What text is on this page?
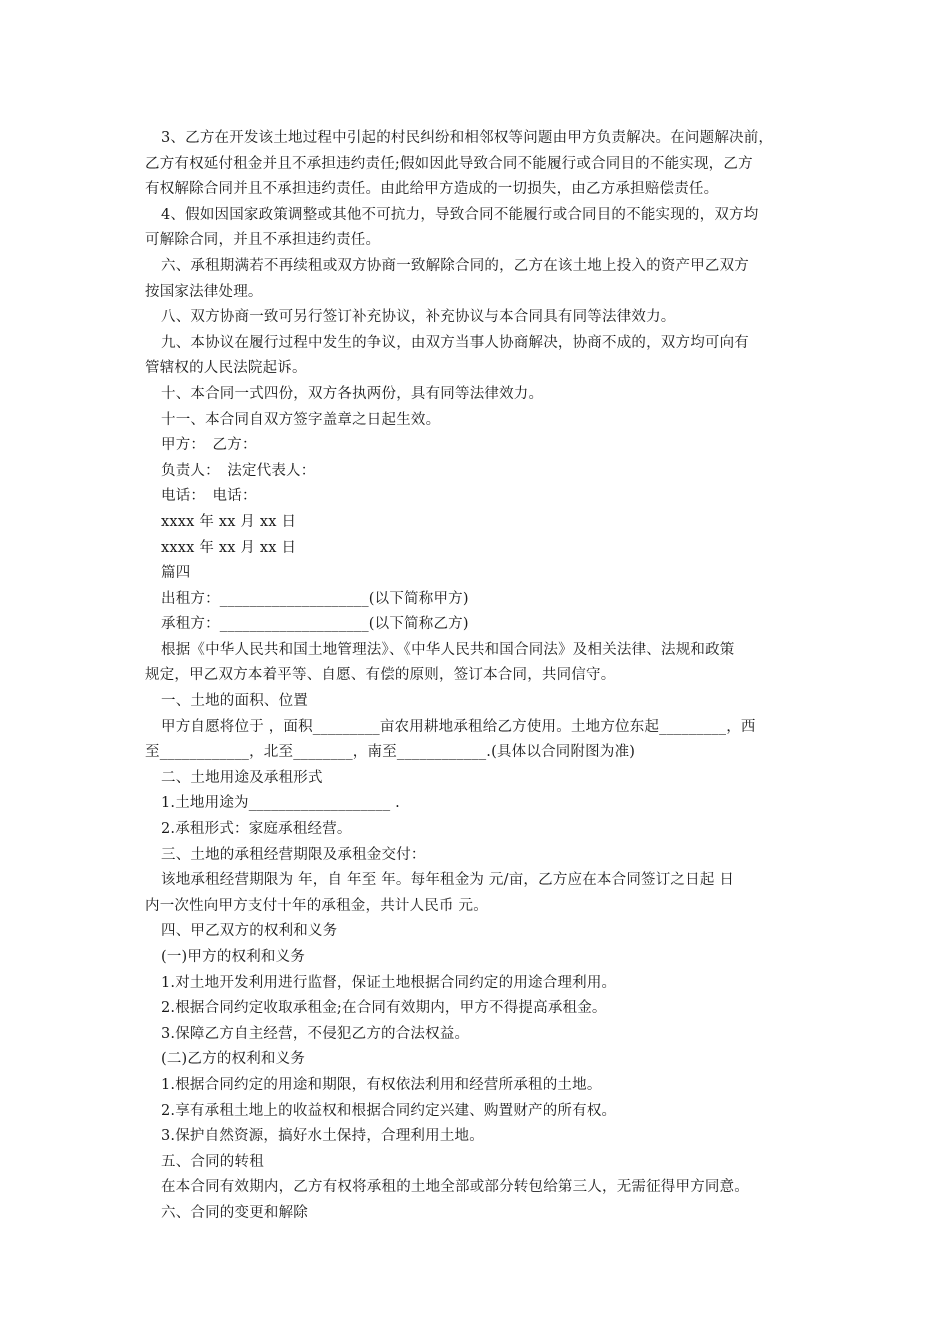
3、乙方在开发该土地过程中引起的村民纠纷和相邻权等问题由甲方负责解决。在问题解决前，
乙方有权延付租金并且不承担违约责任;假如因此导致合同不能履行或合同目的不能实现，乙方
有权解除合同并且不承担违约责任。由此给甲方造成的一切损失，由乙方承担赔偿责任。
4、假如因国家政策调整或其他不可抗力，导致合同不能履行或合同目的不能实现的，双方均
可解除合同，并且不承担违约责任。
六、承租期满若不再续租或双方协商一致解除合同的，乙方在该土地上投入的资产甲乙双方
按国家法律处理。
八、双方协商一致可另行签订补充协议，补充协议与本合同具有同等法律效力。
九、本协议在履行过程中发生的争议，由双方当事人协商解决，协商不成的，双方均可向有
管辖权的人民法院起诉。
十、本合同一式四份，双方各执两份，具有同等法律效力。
十一、本合同自双方签字盖章之日起生效。
甲方：　乙方：
负责人：　法定代表人：
电话：　电话：
xxxx 年 xx 月 xx 日
xxxx 年 xx 月 xx 日
篇四
出租方：____________________(以下简称甲方)
承租方：____________________(以下简称乙方)
根据《中华人民共和国土地管理法》、《中华人民共和国合同法》及相关法律、法规和政策
规定，甲乙双方本着平等、自愿、有偿的原则，签订本合同，共同信守。
一、土地的面积、位置
甲方自愿将位于 ，面积_________亩农用耕地承租给乙方使用。土地方位东起_________，西
至____________，北至________，南至____________.(具体以合同附图为准)
二、土地用途及承租形式
1.土地用途为___________________ .
2.承租形式：家庭承租经营。
三、土地的承租经营期限及承租金交付：
该地承租经营期限为 年，自 年至 年。每年租金为 元/亩，乙方应在本合同签订之日起 日
内一次性向甲方支付十年的承租金，共计人民币 元。
四、甲乙双方的权利和义务
(一)甲方的权利和义务
1.对土地开发利用进行监督，保证土地根据合同约定的用途合理利用。
2.根据合同约定收取承租金;在合同有效期内，甲方不得提高承租金。
3.保障乙方自主经营，不侵犯乙方的合法权益。
(二)乙方的权利和义务
1.根据合同约定的用途和期限，有权依法利用和经营所承租的土地。
2.享有承租土地上的收益权和根据合同约定兴建、购置财产的所有权。
3.保护自然资源，搞好水土保持，合理利用土地。
五、合同的转租
在本合同有效期内，乙方有权将承租的土地全部或部分转包给第三人，无需征得甲方同意。
六、合同的变更和解除
